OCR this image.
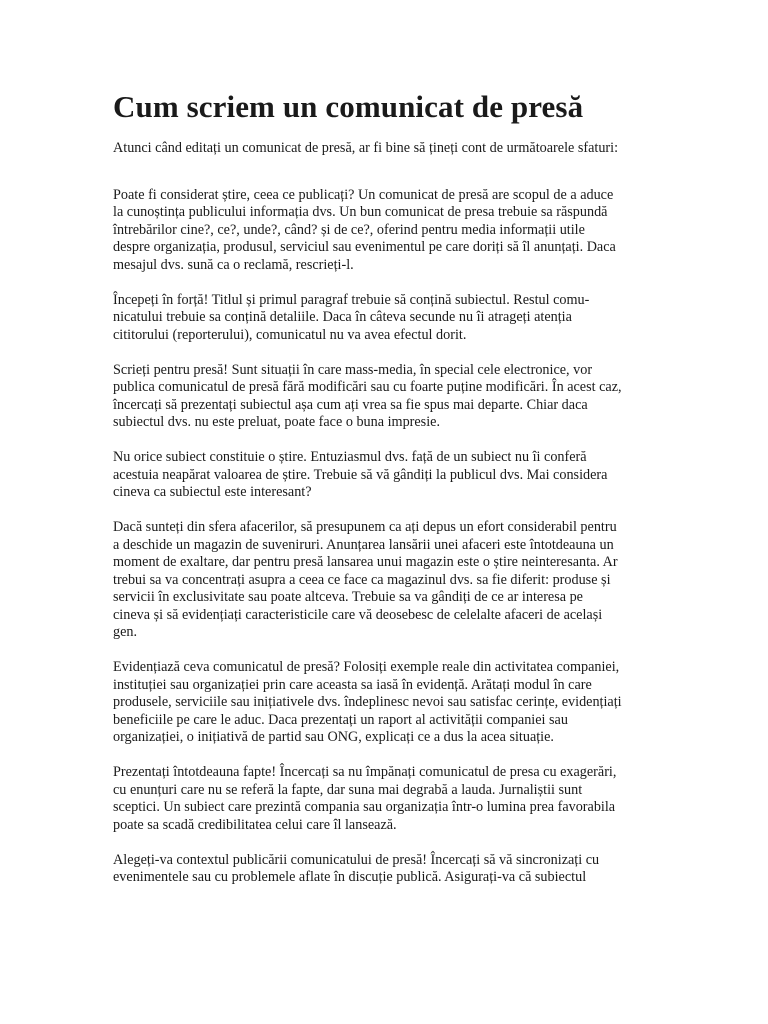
Cum scriem un comunicat de presă

Atunci când editați un comunicat de presă, ar fi bine să țineți cont de următoarele sfaturi:

Poate fi considerat știre, ceea ce publicați? Un comunicat de presă are scopul de a aduce
la cunoștința publicului informația dvs. Un bun comunicat de presa trebuie sa răspundă
întrebărilor cine?, ce?, unde?, când? și de ce?, oferind pentru media informații utile
despre organizația, produsul, serviciul sau evenimentul pe care doriți să îl anunțați. Daca
mesajul dvs. sună ca o reclamă, rescrieți-l.
Începeți în forță! Titlul și primul paragraf trebuie să conțină subiectul. Restul comu-
nicatului trebuie sa conțină detaliile. Daca în câteva secunde nu îi atrageți atenția
cititorului (reporterului), comunicatul nu va avea efectul dorit.
Scrieți pentru presă! Sunt situații în care mass-media, în special cele electronice, vor
publica comunicatul de presă fără modificări sau cu foarte puține modificări. În acest caz,
încercați să prezentați subiectul așa cum ați vrea sa fie spus mai departe. Chiar daca
subiectul dvs. nu este preluat, poate face o buna impresie.
Nu orice subiect constituie o știre. Entuziasmul dvs. față de un subiect nu îi conferă
acestuia neapărat valoarea de știre. Trebuie să vă gândiți la publicul dvs. Mai considera
cineva ca subiectul este interesant?
Dacă sunteți din sfera afacerilor, să presupunem ca ați depus un efort considerabil pentru
a deschide un magazin de suveniruri. Anunțarea lansării unei afaceri este întotdeauna un
moment de exaltare, dar pentru presă lansarea unui magazin este o știre neinteresanta. Ar
trebui sa va concentrați asupra a ceea ce face ca magazinul dvs. sa fie diferit: produse și
servicii în exclusivitate sau poate altceva. Trebuie sa va gândiți de ce ar interesa pe
cineva și să evidențiați caracteristicile care vă deosebesc de celelalte afaceri de același
gen.
Evidențiază ceva comunicatul de presă? Folosiți exemple reale din activitatea companiei,
instituției sau organizației prin care aceasta sa iasă în evidență. Arătați modul în care
produsele, serviciile sau inițiativele dvs. îndeplinesc nevoi sau satisfac cerințe, evidențiați
beneficiile pe care le aduc. Daca prezentați un raport al activității companiei sau
organizației, o inițiativă de partid sau ONG, explicați ce a dus la acea situație.
Prezentați întotdeauna fapte! Încercați sa nu împănați comunicatul de presa cu exagerări,
cu enunțuri care nu se referă la fapte, dar suna mai degrabă a lauda. Jurnaliștii sunt
sceptici. Un subiect care prezintă compania sau organizația într-o lumina prea favorabila
poate sa scadă credibilitatea celui care îl lansează.
Alegeți-va contextul publicării comunicatului de presă! Încercați să vă sincronizați cu
evenimentele sau cu problemele aflate în discuție publică. Asigurați-va că subiectul
